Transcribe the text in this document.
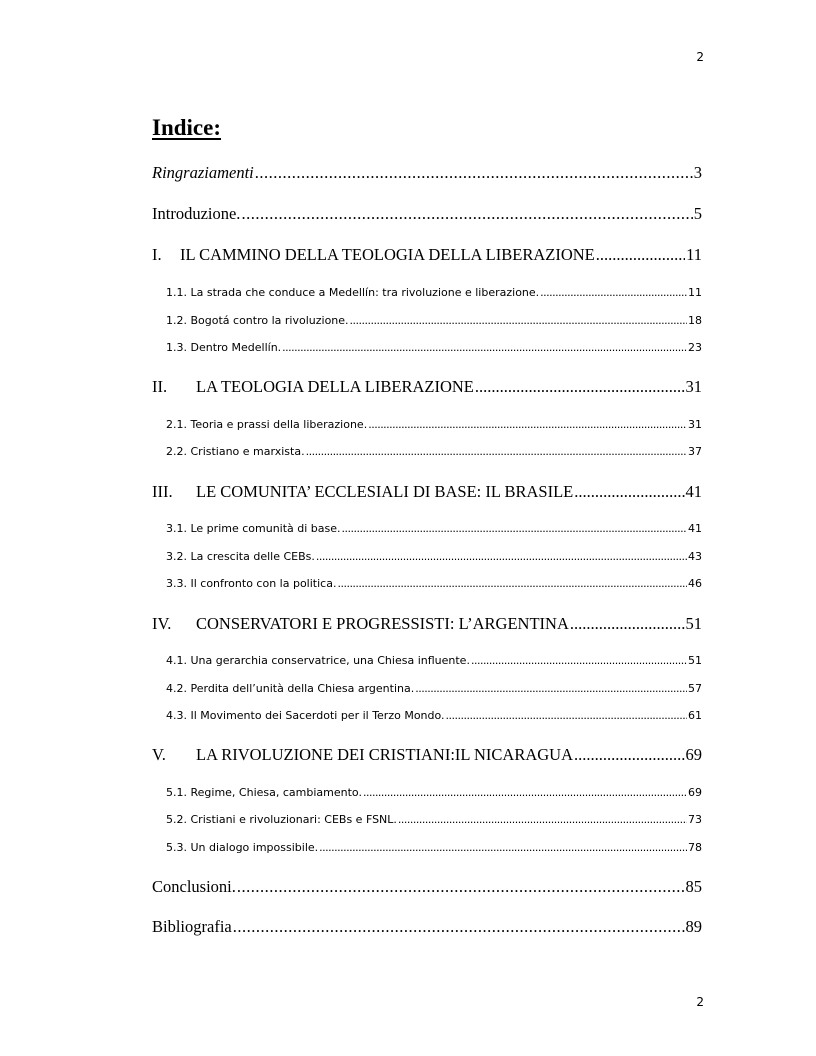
2
Indice:
Ringraziamenti .....	3
Introduzione. .....	5
I.	IL CAMMINO DELLA TEOLOGIA DELLA LIBERAZIONE .....	11
1.1. La strada che conduce a Medellín: tra rivoluzione e liberazione. .....	11
1.2. Bogotá contro la rivoluzione. .....	18
1.3. Dentro Medellín. .....	23
II.	LA TEOLOGIA DELLA LIBERAZIONE .....	31
2.1. Teoria e prassi della liberazione. .....	31
2.2. Cristiano e marxista. .....	37
III.	LE COMUNITA’ ECCLESIALI DI BASE: IL BRASILE .....	41
3.1. Le prime comunità di base. .....	41
3.2. La crescita delle CEBs. .....	43
3.3. Il confronto con la politica. .....	46
IV.	CONSERVATORI E PROGRESSISTI: L’ARGENTINA .....	51
4.1. Una gerarchia conservatrice, una Chiesa influente. .....	51
4.2. Perdita dell’unità della Chiesa argentina. .....	57
4.3. Il Movimento dei Sacerdoti per il Terzo Mondo. .....	61
V.	LA RIVOLUZIONE DEI CRISTIANI:IL NICARAGUA .....	69
5.1. Regime, Chiesa, cambiamento. .....	69
5.2. Cristiani e rivoluzionari: CEBs e FSNL. .....	73
5.3. Un dialogo impossibile. .....	78
Conclusioni. .....	85
Bibliografia .....	89
2
